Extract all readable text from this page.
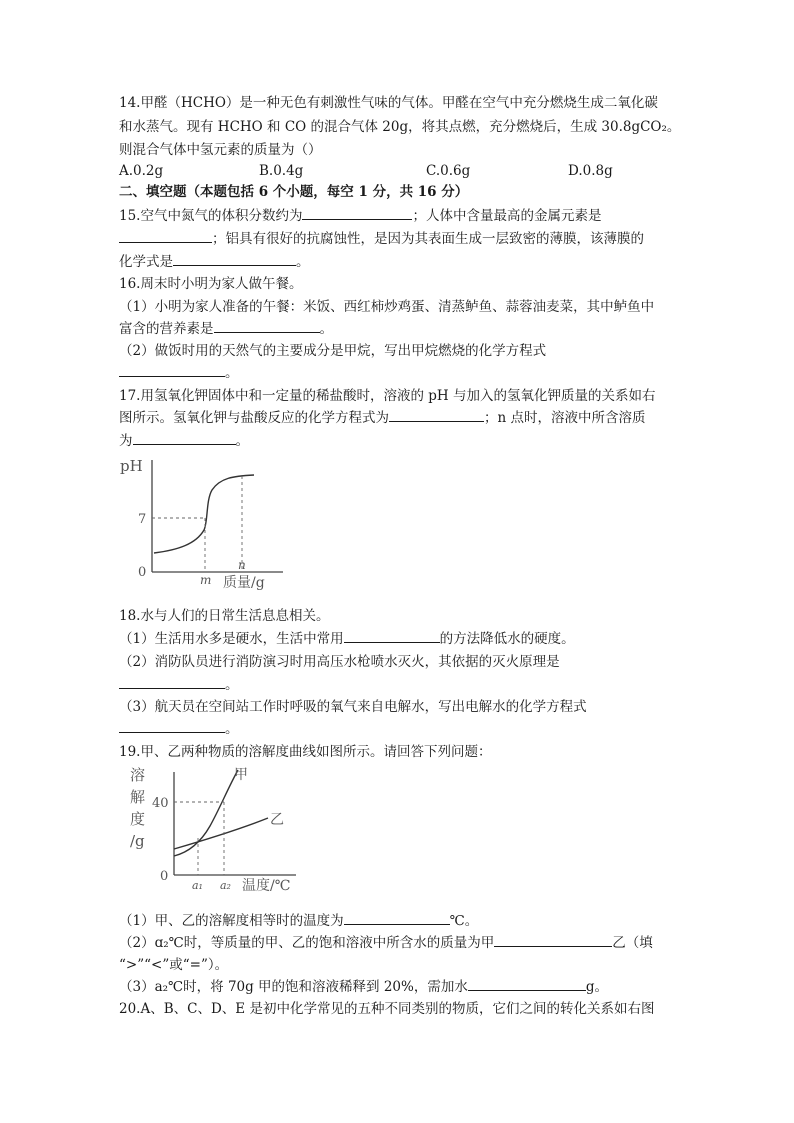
14.甲醛（HCHO）是一种无色有刺激性气味的气体。甲醛在空气中充分燃烧生成二氧化碳
和水蒸气。现有 HCHO 和 CO 的混合气体 20g，将其点燃，充分燃烧后，生成 30.8gCO₂。
则混合气体中氢元素的质量为（）
A.0.2g	B.0.4g	C.0.6g	D.0.8g
二、填空题（本题包括 6 个小题，每空 1 分，共 16 分）
15.空气中氮气的体积分数约为	；人体中含量最高的金属元素是
；铝具有很好的抗腐蚀性，是因为其表面生成一层致密的薄膜，该薄膜的
化学式是	。
16.周末时小明为家人做午餐。
（1）小明为家人准备的午餐：米饭、西红柿炒鸡蛋、清蒸鲈鱼、蒜蓉油麦菜，其中鲈鱼中
富含的营养素是	。
（2）做饭时用的天然气的主要成分是甲烷，写出甲烷燃烧的化学方程式
。
17.用氢氧化钾固体中和一定量的稀盐酸时，溶液的 pH 与加入的氢氧化钾质量的关系如右
图所示。氢氧化钾与盐酸反应的化学方程式为	；n 点时，溶液中所含溶质
为	。
pH
7
0	m
n
质量/g
18.水与人们的日常生活息息相关。
（1）生活用水多是硬水，生活中常用	的方法降低水的硬度。
（2）消防队员进行消防演习时用高压水枪喷水灭火，其依据的灭火原理是
。
（3）航天员在空间站工作时呼吸的氧气来自电解水，写出电解水的化学方程式
。
19.甲、乙两种物质的溶解度曲线如图所示。请回答下列问题：
溶
解
度
/g
40
0
甲
乙
a₁ a₂ 温度/℃
（1）甲、乙的溶解度相等时的温度为	℃。
（2）ɑ₂℃时，等质量的甲、乙的饱和溶液中所含水的质量为甲	乙（填
“>”“<”或“=”）。
（3）a₂℃时，将 70g 甲的饱和溶液稀释到 20%，需加水	g。
20.A、B、C、D、E 是初中化学常见的五种不同类别的物质，它们之间的转化关系如右图
